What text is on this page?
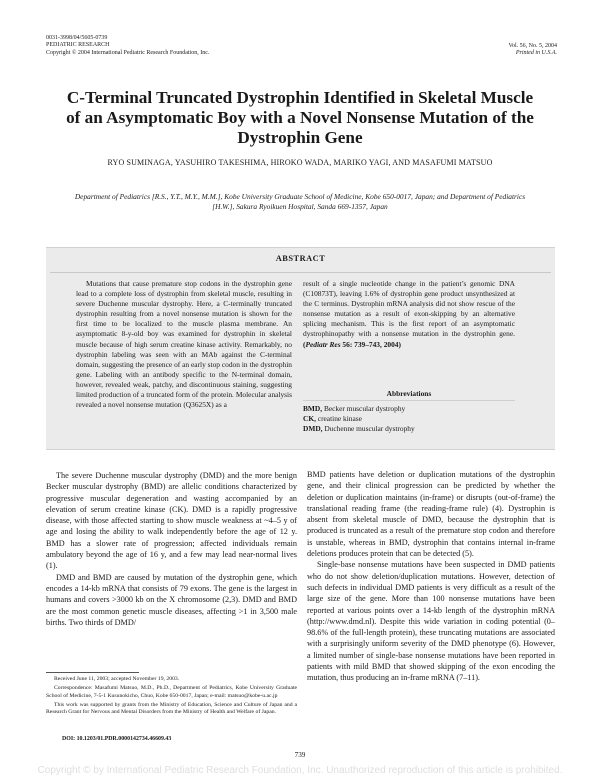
0031-3998/04/5605-0739
PEDIATRIC RESEARCH
Copyright © 2004 International Pediatric Research Foundation, Inc.
Vol. 56, No. 5, 2004
Printed in U.S.A.
C-Terminal Truncated Dystrophin Identified in Skeletal Muscle of an Asymptomatic Boy with a Novel Nonsense Mutation of the Dystrophin Gene
RYO SUMINAGA, YASUHIRO TAKESHIMA, HIROKO WADA, MARIKO YAGI, AND MASAFUMI MATSUO
Department of Pediatrics [R.S., Y.T., M.Y., M.M.], Kobe University Graduate School of Medicine, Kobe 650-0017, Japan; and Department of Pediatrics [H.W.], Sakura Ryoikuen Hospital, Sanda 669-1357, Japan
ABSTRACT
Mutations that cause premature stop codons in the dystrophin gene lead to a complete loss of dystrophin from skeletal muscle, resulting in severe Duchenne muscular dystrophy. Here, a C-terminally truncated dystrophin resulting from a novel nonsense mutation is shown for the first time to be localized to the muscle plasma membrane. An asymptomatic 8-y-old boy was examined for dystrophin in skeletal muscle because of high serum creatine kinase activity. Remarkably, no dystrophin labeling was seen with an MAb against the C-terminal domain, suggesting the presence of an early stop codon in the dystrophin gene. Labeling with an antibody specific to the N-terminal domain, however, revealed weak, patchy, and discontinuous staining, suggesting limited production of a truncated form of the protein. Molecular analysis revealed a novel nonsense mutation (Q3625X) as a
result of a single nucleotide change in the patient’s genomic DNA (C10873T), leaving 1.6% of dystrophin gene product unsynthesized at the C terminus. Dystrophin mRNA analysis did not show rescue of the nonsense mutation as a result of exon-skipping by an alternative splicing mechanism. This is the first report of an asymptomatic dystrophinopathy with a nonsense mutation in the dystrophin gene. (Pediatr Res 56: 739–743, 2004)
Abbreviations
BMD, Becker muscular dystrophy
CK, creatine kinase
DMD, Duchenne muscular dystrophy

The severe Duchenne muscular dystrophy (DMD) and the more benign Becker muscular dystrophy (BMD) are allelic conditions characterized by progressive muscular degeneration and wasting accompanied by an elevation of serum creatine kinase (CK). DMD is a rapidly progressive disease, with those affected starting to show muscle weakness at ~4–5 y of age and losing the ability to walk independently before the age of 12 y. BMD has a slower rate of progression; affected individuals remain ambulatory beyond the age of 16 y, and a few may lead near-normal lives (1).

DMD and BMD are caused by mutation of the dystrophin gene, which encodes a 14-kb mRNA that consists of 79 exons. The gene is the largest in humans and covers >3000 kb on the X chromosome (2,3). DMD and BMD are the most common genetic muscle diseases, affecting >1 in 3,500 male births. Two thirds of DMD/

BMD patients have deletion or duplication mutations of the dystrophin gene, and their clinical progression can be predicted by whether the deletion or duplication maintains (in-frame) or disrupts (out-of-frame) the translational reading frame (the reading-frame rule) (4). Dystrophin is absent from skeletal muscle of DMD, because the dystrophin that is produced is truncated as a result of the premature stop codon and therefore is unstable, whereas in BMD, dystrophin that contains internal in-frame deletions produces protein that can be detected (5).

Single-base nonsense mutations have been suspected in DMD patients who do not show deletion/duplication mutations. However, detection of such defects in individual DMD patients is very difficult as a result of the large size of the gene. More than 100 nonsense mutations have been reported at various points over a 14-kb length of the dystrophin mRNA (http://www.dmd.nl). Despite this wide variation in coding potential (0–98.6% of the full-length protein), these truncating mutations are associated with a surprisingly uniform severity of the DMD phenotype (6). However, a limited number of single-base nonsense mutations have been reported in patients with mild BMD that showed skipping of the exon encoding the mutation, thus producing an in-frame mRNA (7–11).

Received June 11, 2003; accepted November 19, 2003.

Correspondence: Masafumi Matsuo, M.D., Ph.D., Department of Pediatrics, Kobe University Graduate School of Medicine, 7-5-1 Kusunokicho, Chuo, Kobe 650-0017, Japan; e-mail: matsuo@kobe-u.ac.jp

This work was supported by grants from the Ministry of Education, Science and Culture of Japan and a Research Grant for Nervous and Mental Disorders from the Ministry of Health and Welfare of Japan.

DOI: 10.1203/01.PDR.0000142734.46609.43
739
Copyright © by International Pediatric Research Foundation, Inc. Unauthorized reproduction of this article is prohibited.
